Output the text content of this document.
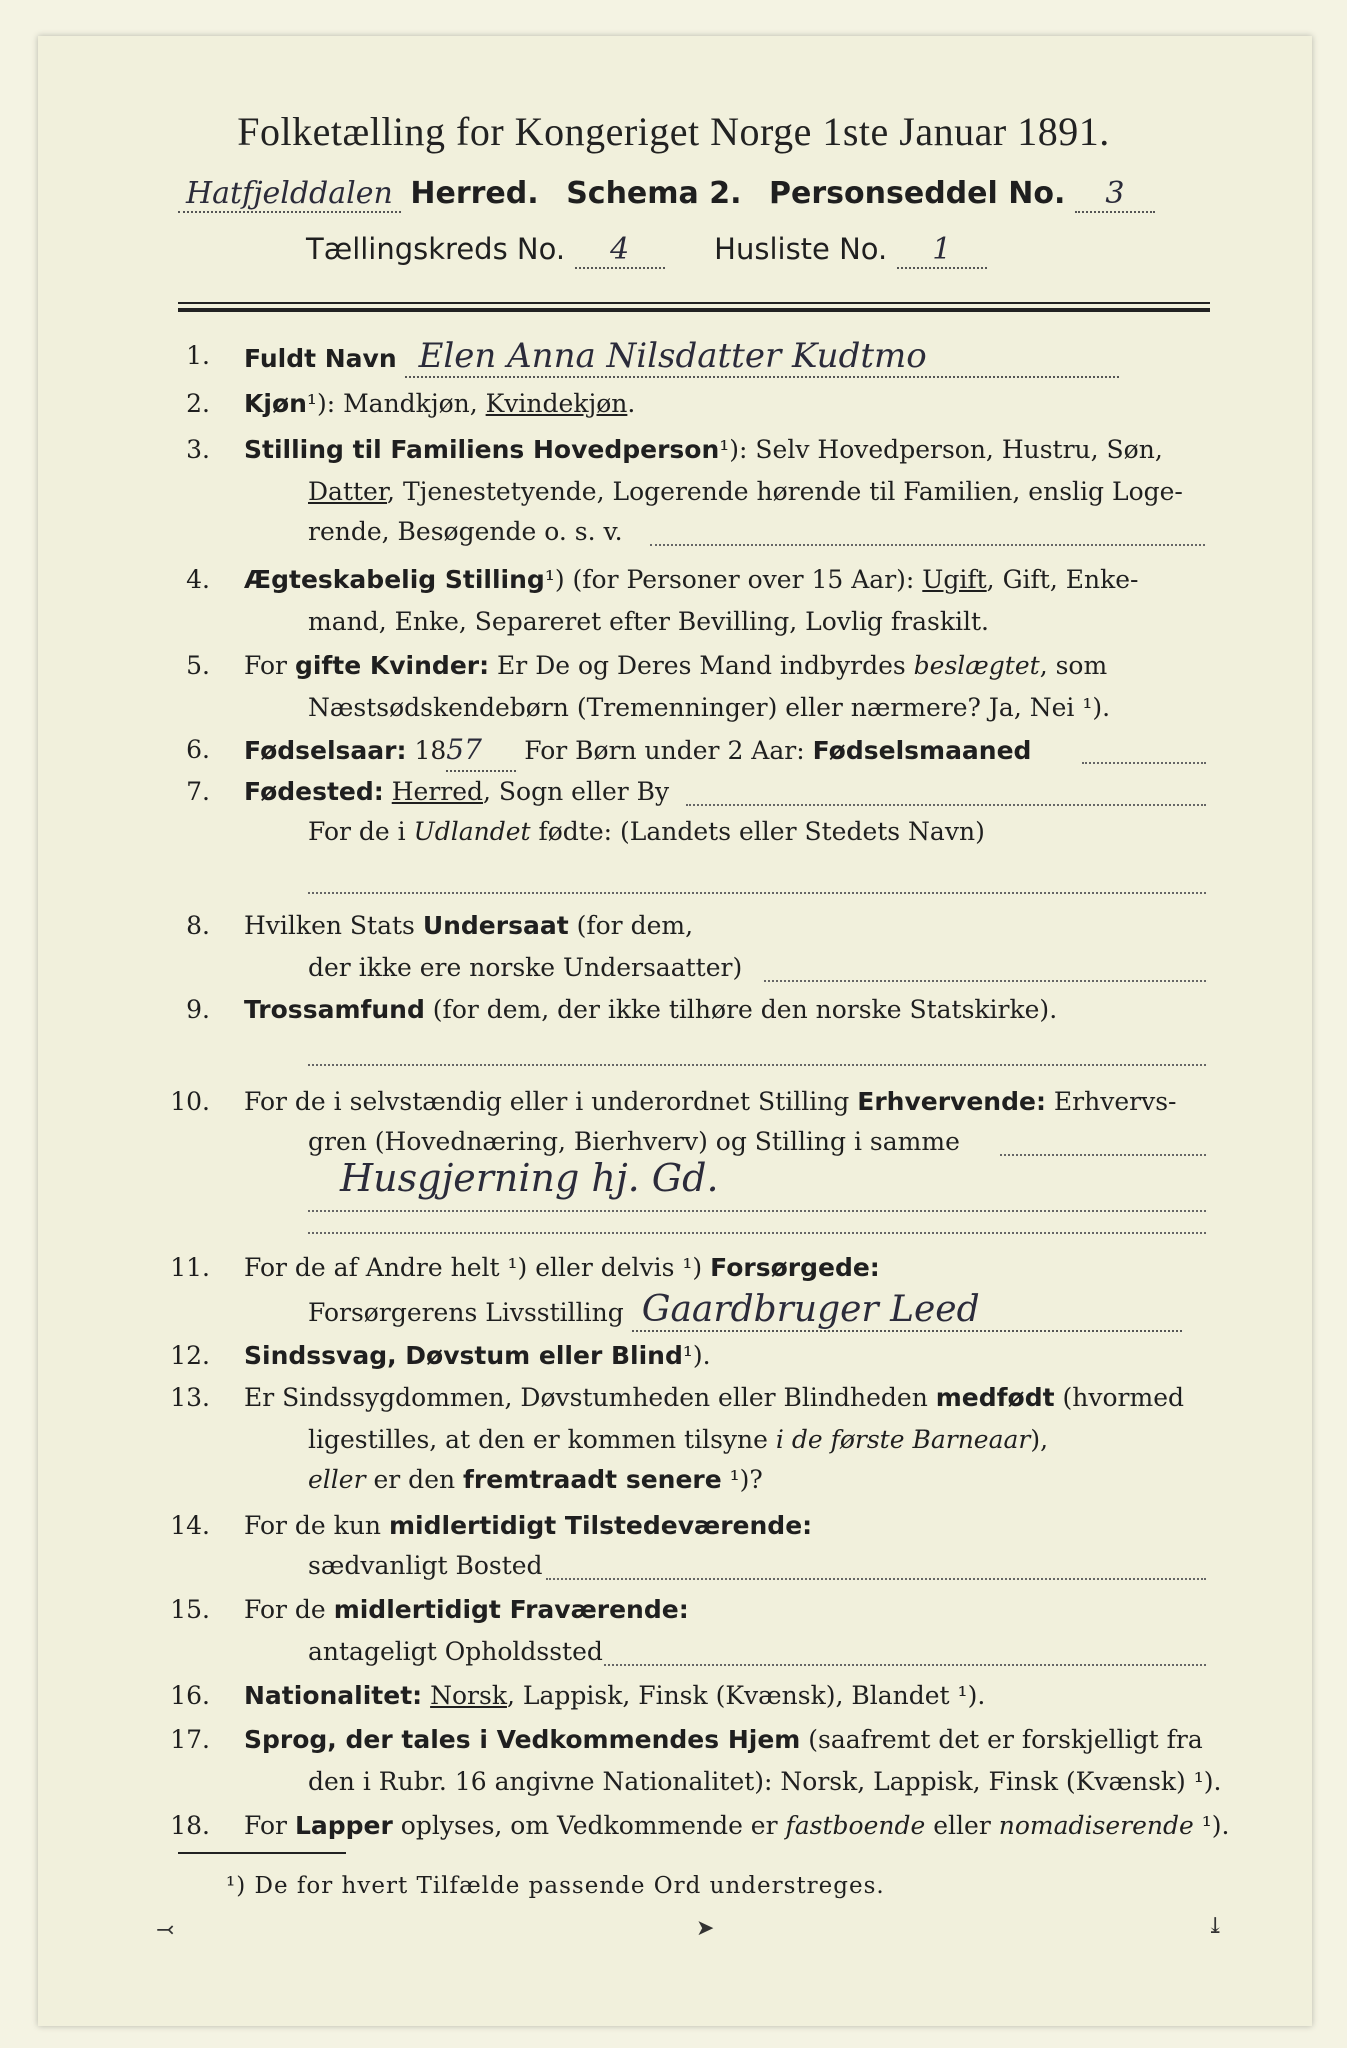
Folketælling for Kongeriget Norge 1ste Januar 1891.
Hatfjelddalen Herred. Schema 2. Personseddel No. 3
Tællingskreds No. 4	Husliste No. 1
1. Fuldt Navn Elen Anna Nilsdatter Kudtmo
2. Kjøn¹): Mandkjøn, Kvindekjøn.
3. Stilling til Familiens Hovedperson¹): Selv Hovedperson, Hustru, Søn,
Datter, Tjenestetyende, Logerende hørende til Familien, enslig Loge-
rende, Besøgende o. s. v.
4. Ægteskabelig Stilling¹) (for Personer over 15 Aar): Ugift, Gift, Enke-
mand, Enke, Separeret efter Bevilling, Lovlig fraskilt.
5. For gifte Kvinder: Er De og Deres Mand indbyrdes beslægtet, som
Næstsødskendebørn (Tremenninger) eller nærmere? Ja, Nei ¹).
6. Fødselsaar: 1857 For Børn under 2 Aar: Fødselsmaaned
7. Fødested: Herred, Sogn eller By
For de i Udlandet fødte: (Landets eller Stedets Navn)
8. Hvilken Stats Undersaat (for dem,
der ikke ere norske Undersaatter)
9. Trossamfund (for dem, der ikke tilhøre den norske Statskirke).
10. For de i selvstændig eller i underordnet Stilling Erhvervende: Erhvervs-
gren (Hovednæring, Bierhverv) og Stilling i samme
Husgjerning hj. Gd.
11. For de af Andre helt ¹) eller delvis ¹) Forsørgede:
Forsørgerens Livsstilling Gaardbruger Leed
12. Sindssvag, Døvstum eller Blind¹).
13. Er Sindssygdommen, Døvstumheden eller Blindheden medfødt (hvormed
ligestilles, at den er kommen tilsyne i de første Barneaar),
eller er den fremtraadt senere ¹)?
14. For de kun midlertidigt Tilstedeværende:
sædvanligt Bosted
15. For de midlertidigt Fraværende:
antageligt Opholdssted
16. Nationalitet: Norsk, Lappisk, Finsk (Kvænsk), Blandet ¹).
17. Sprog, der tales i Vedkommendes Hjem (saafremt det er forskjelligt fra
den i Rubr. 16 angivne Nationalitet): Norsk, Lappisk, Finsk (Kvænsk) ¹).
18. For Lapper oplyses, om Vedkommende er fastboende eller nomadiserende ¹).
¹) De for hvert Tilfælde passende Ord understreges.
⤙	➤	⤓
